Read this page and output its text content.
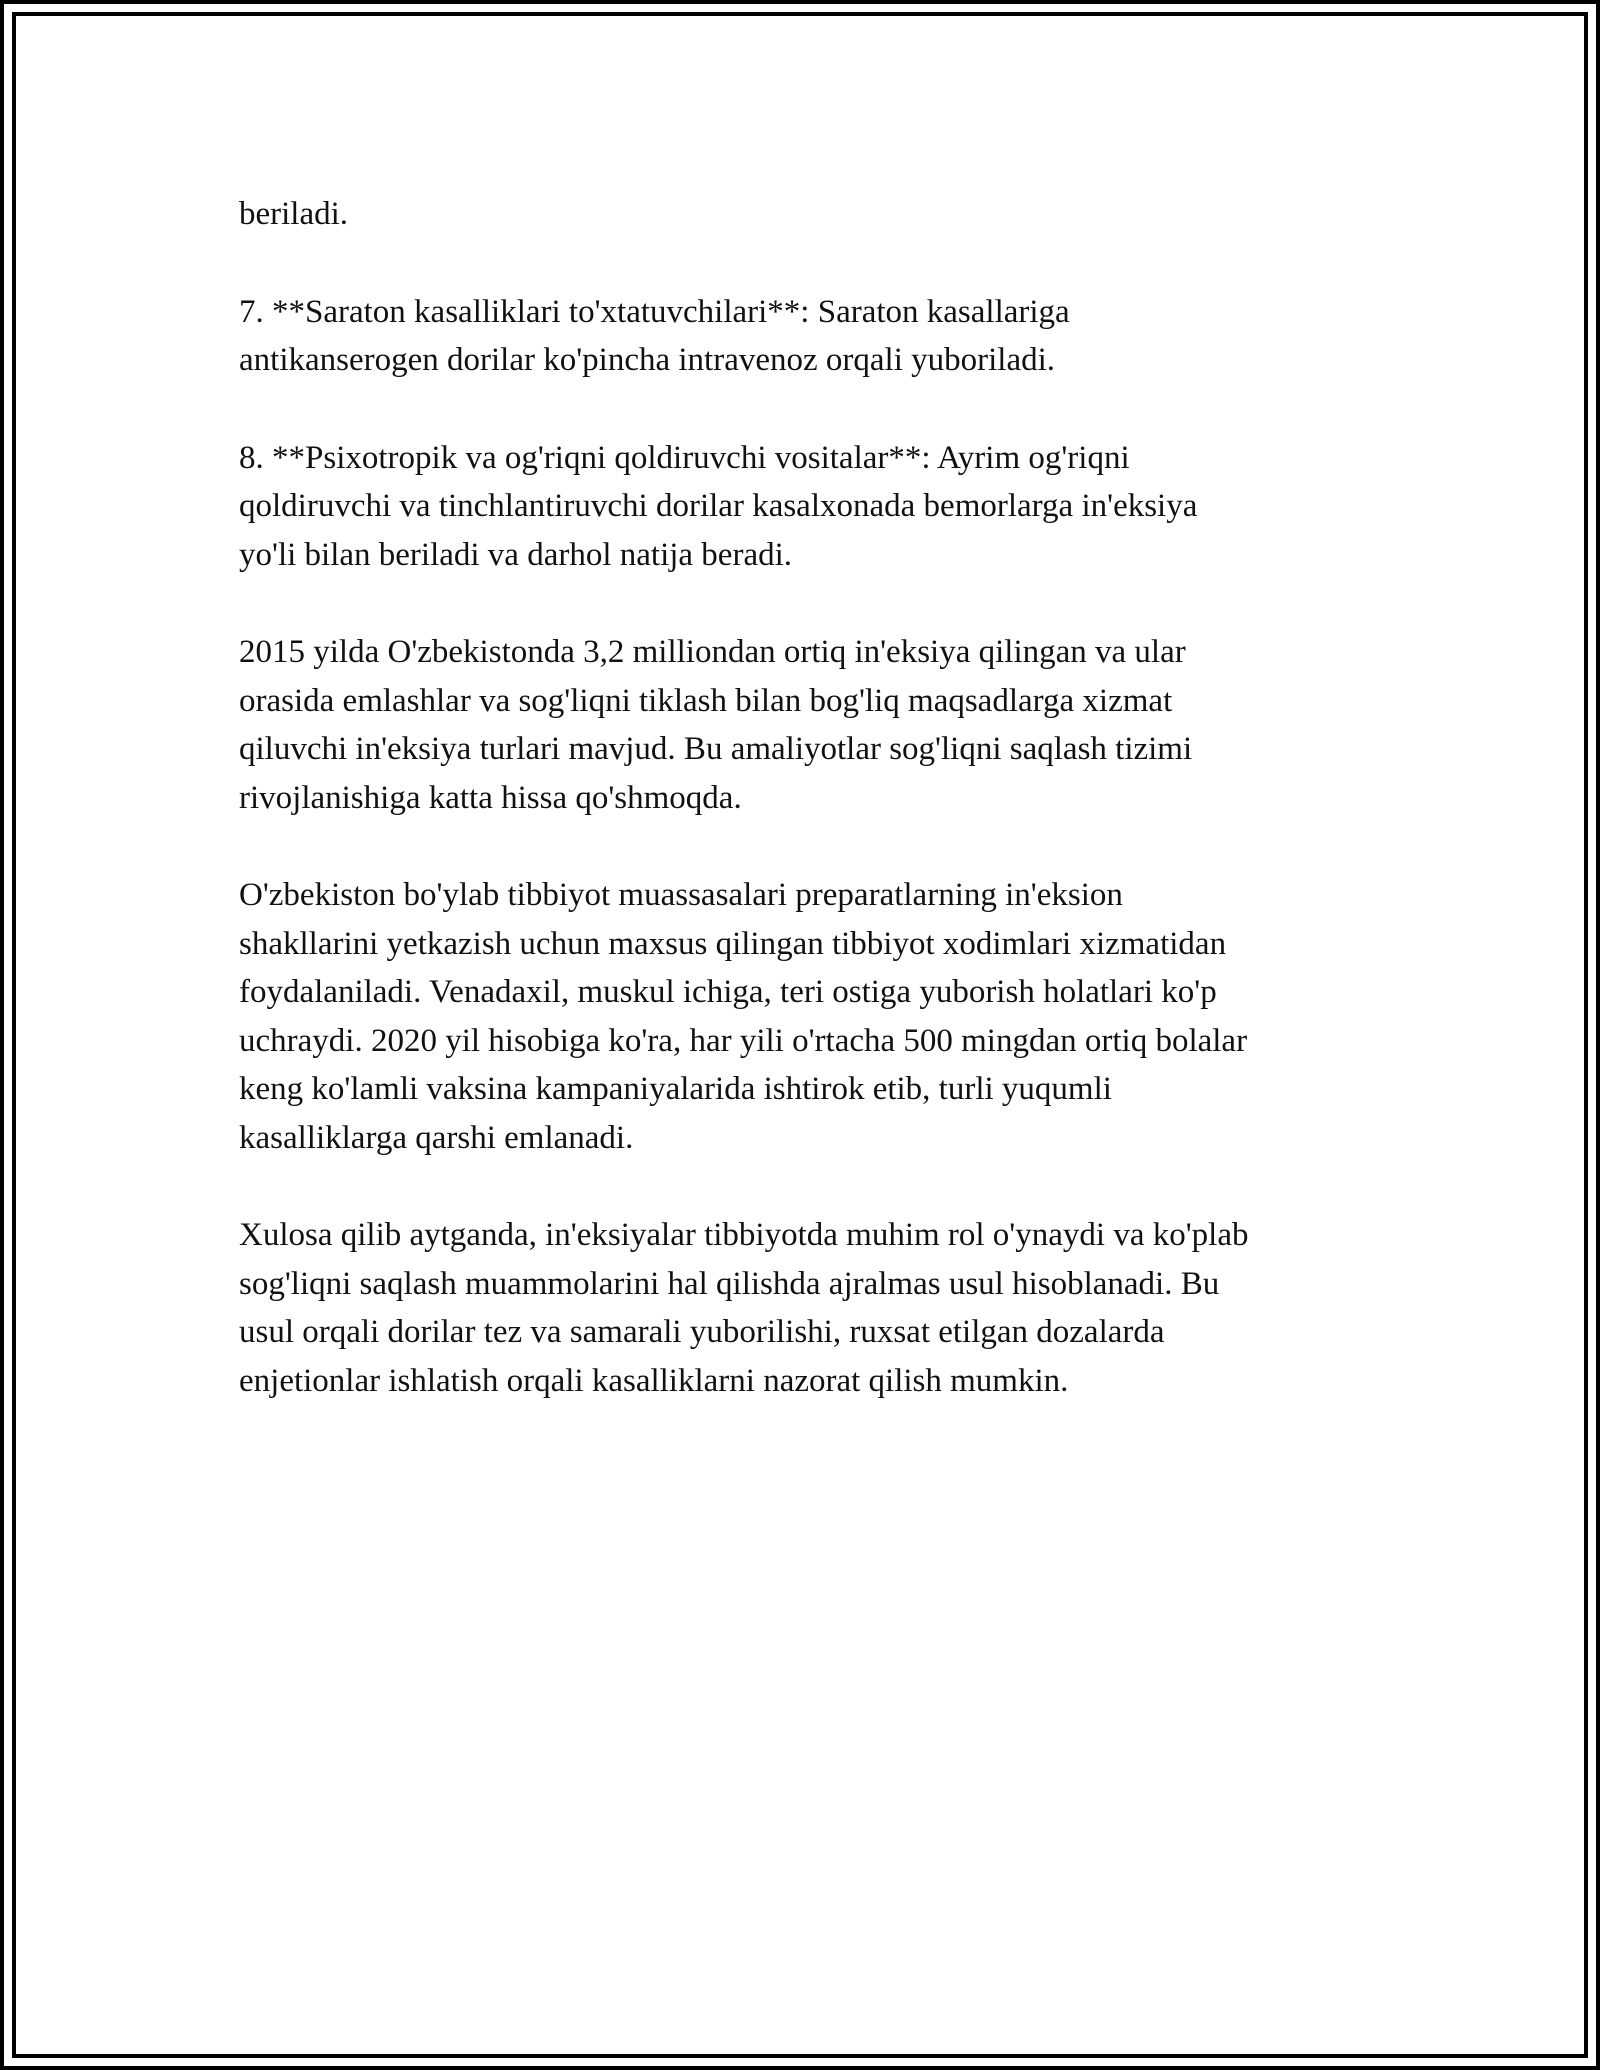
beriladi.

7. **Saraton kasalliklari to'xtatuvchilari**: Saraton kasallariga
antikanserogen dorilar ko'pincha intravenoz orqali yuboriladi.

8. **Psixotropik va og'riqni qoldiruvchi vositalar**: Ayrim og'riqni
qoldiruvchi va tinchlantiruvchi dorilar kasalxonada bemorlarga in'eksiya
yo'li bilan beriladi va darhol natija beradi.

2015 yilda O'zbekistonda 3,2 milliondan ortiq in'eksiya qilingan va ular
orasida emlashlar va sog'liqni tiklash bilan bog'liq maqsadlarga xizmat
qiluvchi in'eksiya turlari mavjud. Bu amaliyotlar sog'liqni saqlash tizimi
rivojlanishiga katta hissa qo'shmoqda.

O'zbekiston bo'ylab tibbiyot muassasalari preparatlarning in'eksion
shakllarini yetkazish uchun maxsus qilingan tibbiyot xodimlari xizmatidan
foydalaniladi. Venadaxil, muskul ichiga, teri ostiga yuborish holatlari ko'p
uchraydi. 2020 yil hisobiga ko'ra, har yili o'rtacha 500 mingdan ortiq bolalar
keng ko'lamli vaksina kampaniyalarida ishtirok etib, turli yuqumli
kasalliklarga qarshi emlanadi.

Xulosa qilib aytganda, in'eksiyalar tibbiyotda muhim rol o'ynaydi va ko'plab
sog'liqni saqlash muammolarini hal qilishda ajralmas usul hisoblanadi. Bu
usul orqali dorilar tez va samarali yuborilishi, ruxsat etilgan dozalarda
enjetionlar ishlatish orqali kasalliklarni nazorat qilish mumkin.
